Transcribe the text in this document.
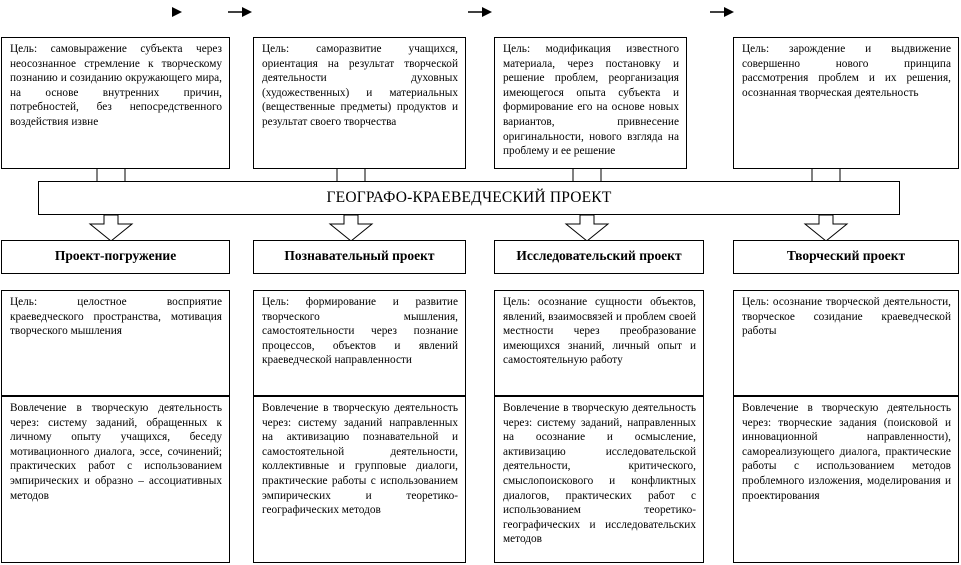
Цель: самовыражение субъекта через неосознанное стремление к творческому познанию и созиданию окружающего мира, на основе внутренних причин, потребностей, без непосредственного воздействия извне
Цель: саморазвитие учащихся, ориентация на результат творческой деятельности духовных (художественных) и материальных (вещественные предметы) продуктов и результат своего творчества
Цель: модификация известного материала, через постановку и решение проблем, реорганизация имеющегося опыта субъекта и формирование его на основе новых вариантов, привнесение оригинальности, нового взгляда на проблему и ее решение
Цель: зарождение и выдвижение совершенно нового принципа рассмотрения проблем и их решения, осознанная творческая деятельность
ГЕОГРАФО-КРАЕВЕДЧЕСКИЙ ПРОЕКТ
Проект-погружение	Познавательный проект	Исследовательский проект	Творческий проект
Цель: целостное восприятие краеведческого пространства, мотивация творческого мышления
Цель: формирование и развитие творческого мышления, самостоятельности через познание процессов, объектов и явлений краеведческой направленности
Цель: осознание сущности объектов, явлений, взаимосвязей и проблем своей местности через преобразование имеющихся знаний, личный опыт и самостоятельную работу
Цель: осознание творческой деятельности, творческое созидание краеведческой работы
Вовлечение в творческую деятельность через: систему заданий, обращенных к личному опыту учащихся, беседу мотивационного диалога, эссе, сочинений; практических работ с использованием эмпирических и образно – ассоциативных методов
Вовлечение в творческую деятельность через: систему заданий направленных на активизацию познавательной и самостоятельной деятельности, коллективные и групповые диалоги, практические работы с использованием эмпирических и теоретико-географических методов
Вовлечение в творческую деятельность через: систему заданий, направленных на осознание и осмысление, активизацию исследовательской деятельности, критического, смыслопоискового и конфликтных диалогов, практических работ с использованием теоретико-географических и исследовательских методов
Вовлечение в творческую деятельность через: творческие задания (поисковой и инновационной направленности), самореализующего диалога, практические работы с использованием методов проблемного изложения, моделирования и проектирования
